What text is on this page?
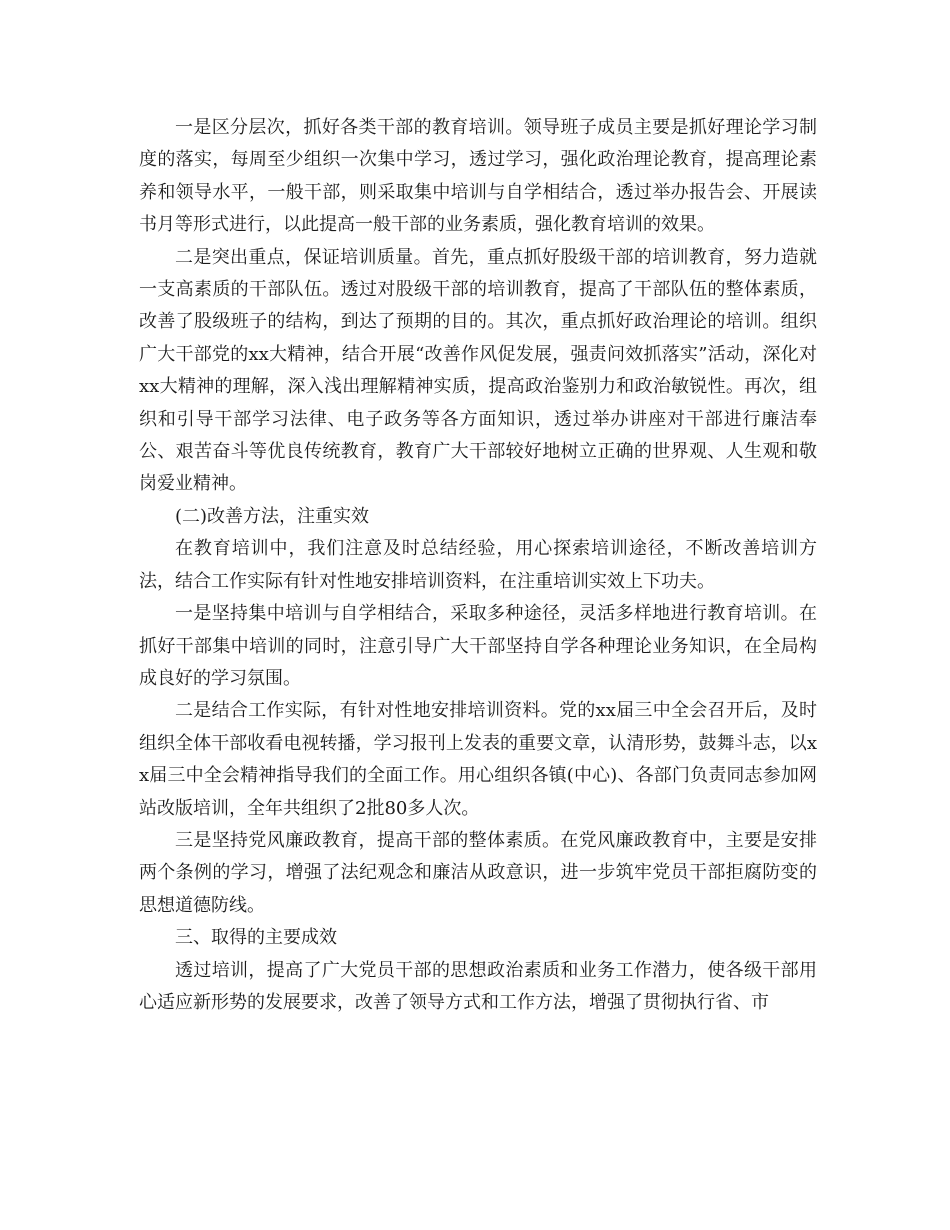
一是区分层次，抓好各类干部的教育培训。领导班子成员主要是抓好理论学习制度的落实，每周至少组织一次集中学习，透过学习，强化政治理论教育，提高理论素养和领导水平，一般干部，则采取集中培训与自学相结合，透过举办报告会、开展读书月等形式进行，以此提高一般干部的业务素质，强化教育培训的效果。

二是突出重点，保证培训质量。首先，重点抓好股级干部的培训教育，努力造就一支高素质的干部队伍。透过对股级干部的培训教育，提高了干部队伍的整体素质，改善了股级班子的结构，到达了预期的目的。其次，重点抓好政治理论的培训。组织广大干部党的xx大精神，结合开展“改善作风促发展，强责问效抓落实”活动，深化对xx大精神的理解，深入浅出理解精神实质，提高政治鉴别力和政治敏锐性。再次，组织和引导干部学习法律、电子政务等各方面知识，透过举办讲座对干部进行廉洁奉公、艰苦奋斗等优良传统教育，教育广大干部较好地树立正确的世界观、人生观和敬岗爱业精神。

(二)改善方法，注重实效

在教育培训中，我们注意及时总结经验，用心探索培训途径，不断改善培训方法，结合工作实际有针对性地安排培训资料，在注重培训实效上下功夫。

一是坚持集中培训与自学相结合，采取多种途径，灵活多样地进行教育培训。在抓好干部集中培训的同时，注意引导广大干部坚持自学各种理论业务知识，在全局构成良好的学习氛围。

二是结合工作实际，有针对性地安排培训资料。党的xx届三中全会召开后，及时组织全体干部收看电视转播，学习报刊上发表的重要文章，认清形势，鼓舞斗志，以xx届三中全会精神指导我们的全面工作。用心组织各镇(中心)、各部门负责同志参加网站改版培训，全年共组织了2批80多人次。

三是坚持党风廉政教育，提高干部的整体素质。在党风廉政教育中，主要是安排两个条例的学习，增强了法纪观念和廉洁从政意识，进一步筑牢党员干部拒腐防变的思想道德防线。

三、取得的主要成效

透过培训，提高了广大党员干部的思想政治素质和业务工作潜力，使各级干部用心适应新形势的发展要求，改善了领导方式和工作方法，增强了贯彻执行省、市
